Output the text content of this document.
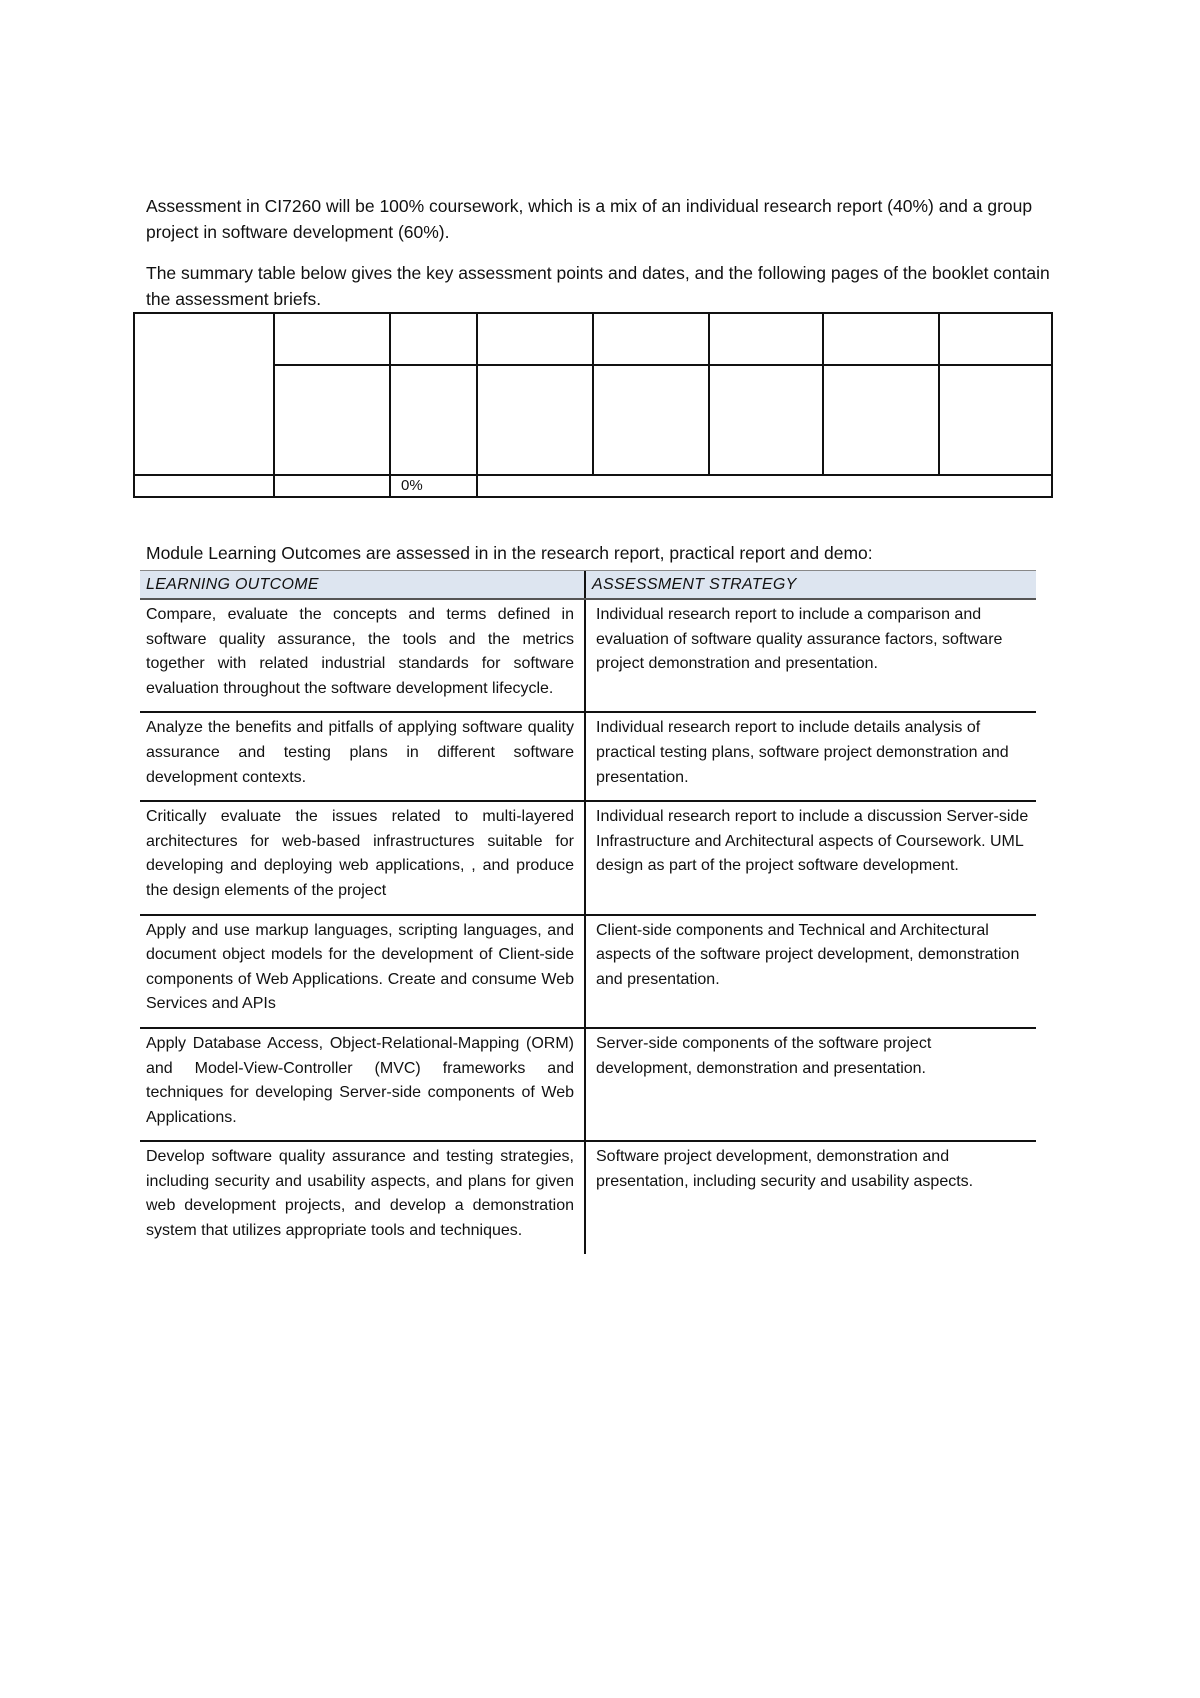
Assessment in CI7260 will be 100% coursework, which is a mix of an individual research report (40%) and a group project in software development (60%).

The summary table below gives the key assessment points and dates, and the following pages of the booklet contain the assessment briefs.

0%

Module Learning Outcomes are assessed in in the research report, practical report and demo:

LEARNING OUTCOME	ASSESSMENT STRATEGY
Compare, evaluate the concepts and terms defined in software quality assurance, the tools and the metrics together with related industrial standards for software evaluation throughout the software development lifecycle.
Individual research report to include a comparison and evaluation of software quality assurance factors, software project demonstration and presentation.
Analyze the benefits and pitfalls of applying software quality assurance and testing plans in different software development contexts.
Individual research report to include details analysis of practical testing plans, software project demonstration and presentation.
Critically evaluate the issues related to multi-layered architectures for web-based infrastructures suitable for developing and deploying web applications, , and produce the design elements of the project
Individual research report to include a discussion Server-side Infrastructure and Architectural aspects of Coursework. UML design as part of the project software development.
Apply and use markup languages, scripting languages, and document object models for the development of Client-side components of Web Applications. Create and consume Web Services and APIs
Client-side components and Technical and Architectural aspects of the software project development, demonstration and presentation.
Apply Database Access, Object-Relational-Mapping (ORM) and Model-View-Controller (MVC) frameworks and techniques for developing Server-side components of Web Applications.
Server-side components of the software project development, demonstration and presentation.
Develop software quality assurance and testing strategies, including security and usability aspects, and plans for given web development projects, and develop a demonstration system that utilizes appropriate tools and techniques.
Software project development, demonstration and presentation, including security and usability aspects.
